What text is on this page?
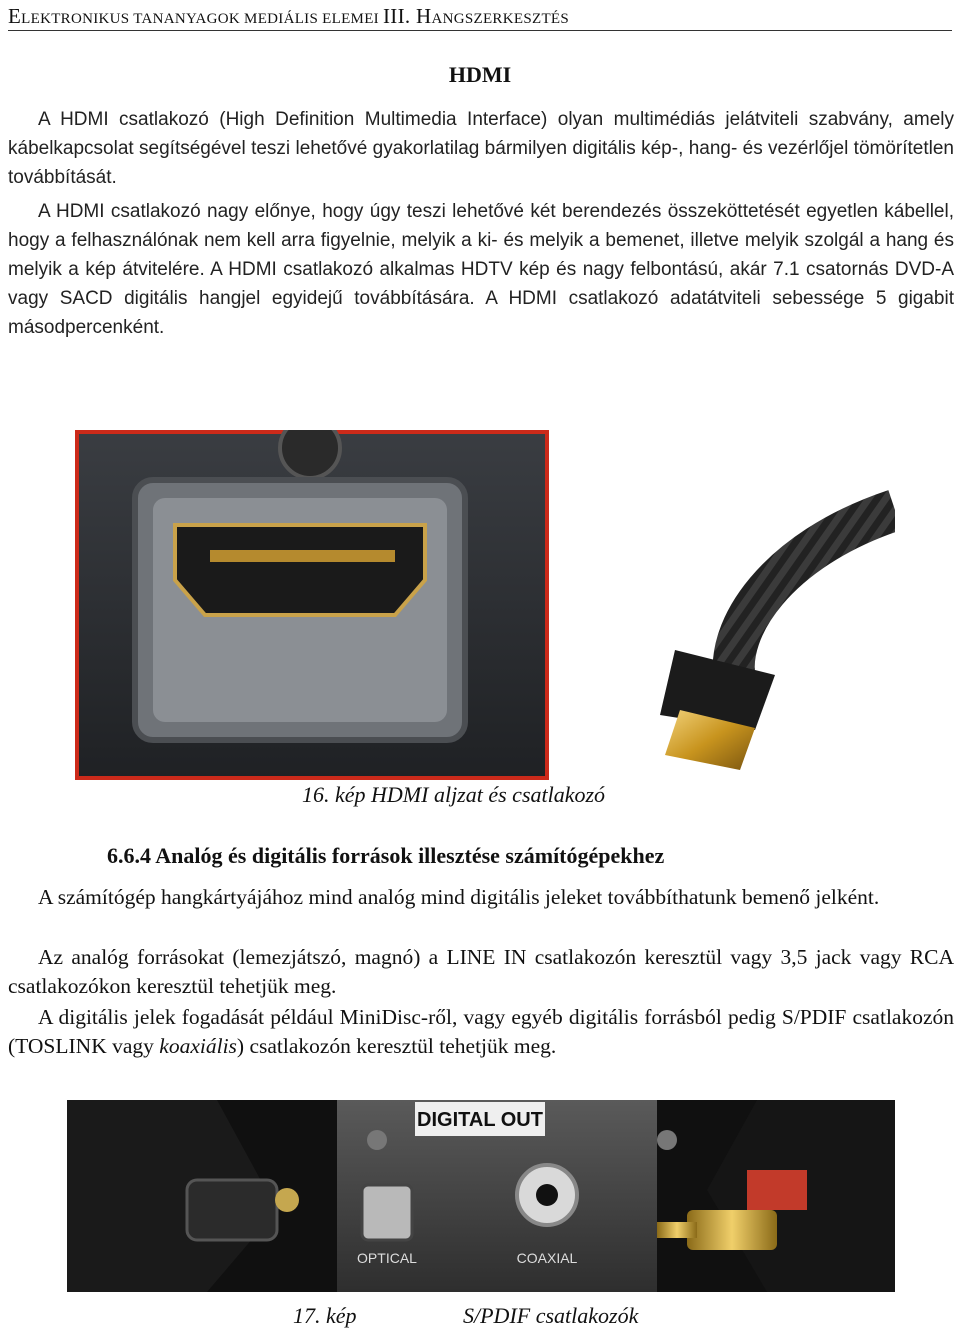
ELEKTRONIKUS TANANYAGOK MEDIÁLIS ELEMEI III. HANGSZERKESZTÉS
HDMI
A HDMI csatlakozó (High Definition Multimedia Interface) olyan multimédiás jelátviteli szabvány, amely kábelkapcsolat segítségével teszi lehetővé gyakorlatilag bármilyen digitális kép-, hang- és vezérlőjel tömörítetlen továbbítását.
A HDMI csatlakozó nagy előnye, hogy úgy teszi lehetővé két berendezés összeköttetését egyetlen kábellel, hogy a felhasználónak nem kell arra figyelnie, melyik a ki- és melyik a bemenet, illetve melyik szolgál a hang és melyik a kép átvitelére. A HDMI csatlakozó alkalmas HDTV kép és nagy felbontású, akár 7.1 csatornás DVD-A vagy SACD digitális hangjel egyidejű továbbítására. A HDMI csatlakozó adatátviteli sebessége 5 gigabit másodpercenként.
16. kép HDMI aljzat és csatlakozó
6.6.4 Analóg és digitális források illesztése számítógépekhez
A számítógép hangkártyájához mind analóg mind digitális jeleket továbbíthatunk bemenő jelként.
Az analóg forrásokat (lemezjátszó, magnó) a LINE IN csatlakozón keresztül vagy 3,5 jack vagy RCA csatlakozókon keresztül tehetjük meg.
A digitális jelek fogadását például MiniDisc-ről, vagy egyéb digitális forrásból pedig S/PDIF csatlakozón (TOSLINK vagy koaxiális) csatlakozón keresztül tehetjük meg.
DIGITAL OUT
OPTICAL	COAXIAL
17. kép	S/PDIF csatlakozók
